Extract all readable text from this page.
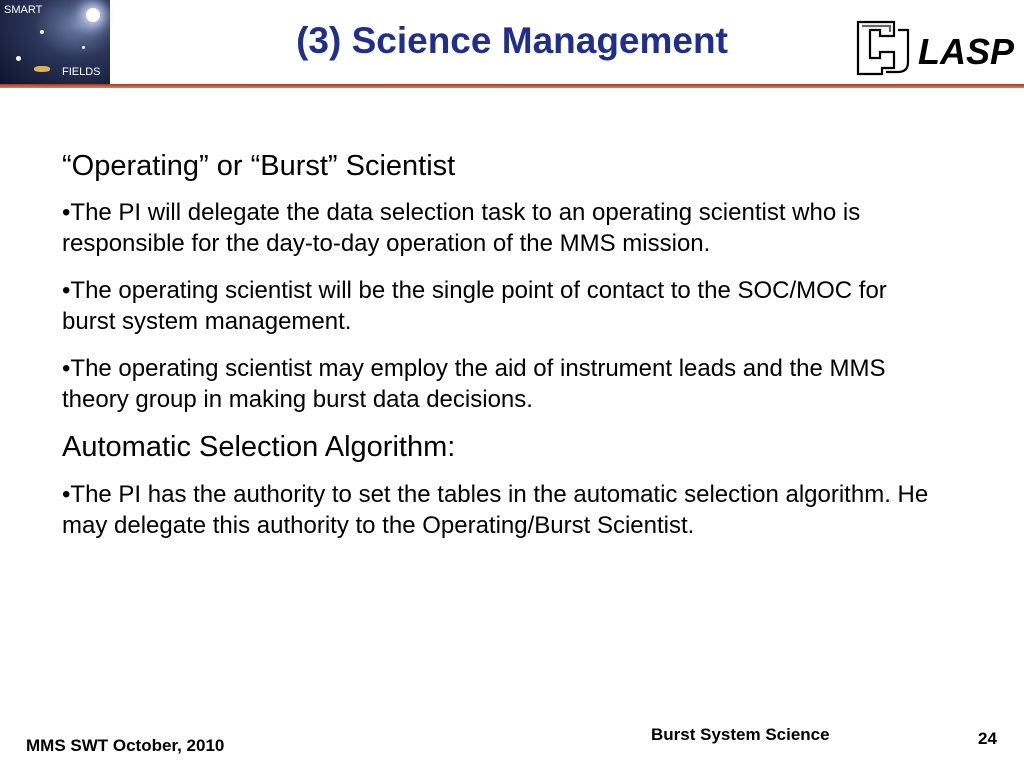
SMART
FIELDS
(3) Science Management	LASP
“Operating” or “Burst” Scientist
•The PI will delegate the data selection task to an operating scientist who is responsible for the day-to-day operation of the MMS mission.
•The operating scientist will be the single point of contact to the SOC/MOC for burst system management.
•The operating scientist may employ the aid of instrument leads and the MMS theory group in making burst data decisions.
Automatic Selection Algorithm:
•The PI has the authority to set the tables in the automatic selection algorithm. He may delegate this authority to the Operating/Burst Scientist.
MMS SWT October, 2010
Burst System Science	24
